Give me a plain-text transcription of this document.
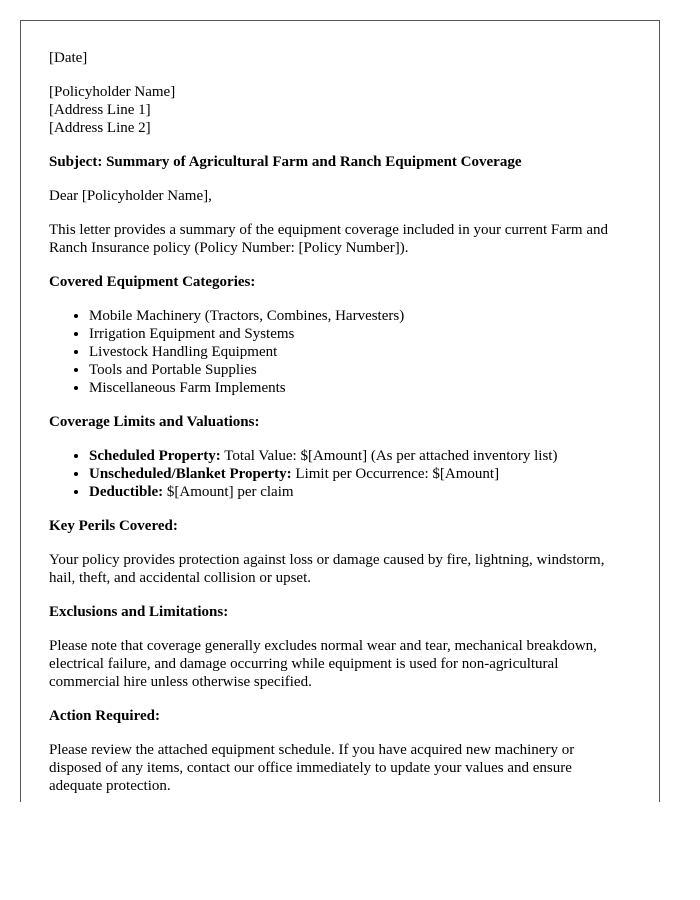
[Date]

[Policyholder Name]
[Address Line 1]
[Address Line 2]

Subject: Summary of Agricultural Farm and Ranch Equipment Coverage

Dear [Policyholder Name],

This letter provides a summary of the equipment coverage included in your current Farm and Ranch Insurance policy (Policy Number: [Policy Number]).

Covered Equipment Categories:

• Mobile Machinery (Tractors, Combines, Harvesters)
• Irrigation Equipment and Systems
• Livestock Handling Equipment
• Tools and Portable Supplies
• Miscellaneous Farm Implements

Coverage Limits and Valuations:

• Scheduled Property: Total Value: $[Amount] (As per attached inventory list)
• Unscheduled/Blanket Property: Limit per Occurrence: $[Amount]
• Deductible: $[Amount] per claim

Key Perils Covered:

Your policy provides protection against loss or damage caused by fire, lightning, windstorm, hail, theft, and accidental collision or upset.

Exclusions and Limitations:

Please note that coverage generally excludes normal wear and tear, mechanical breakdown, electrical failure, and damage occurring while equipment is used for non-agricultural commercial hire unless otherwise specified.

Action Required:

Please review the attached equipment schedule. If you have acquired new machinery or disposed of any items, contact our office immediately to update your values and ensure adequate protection.
